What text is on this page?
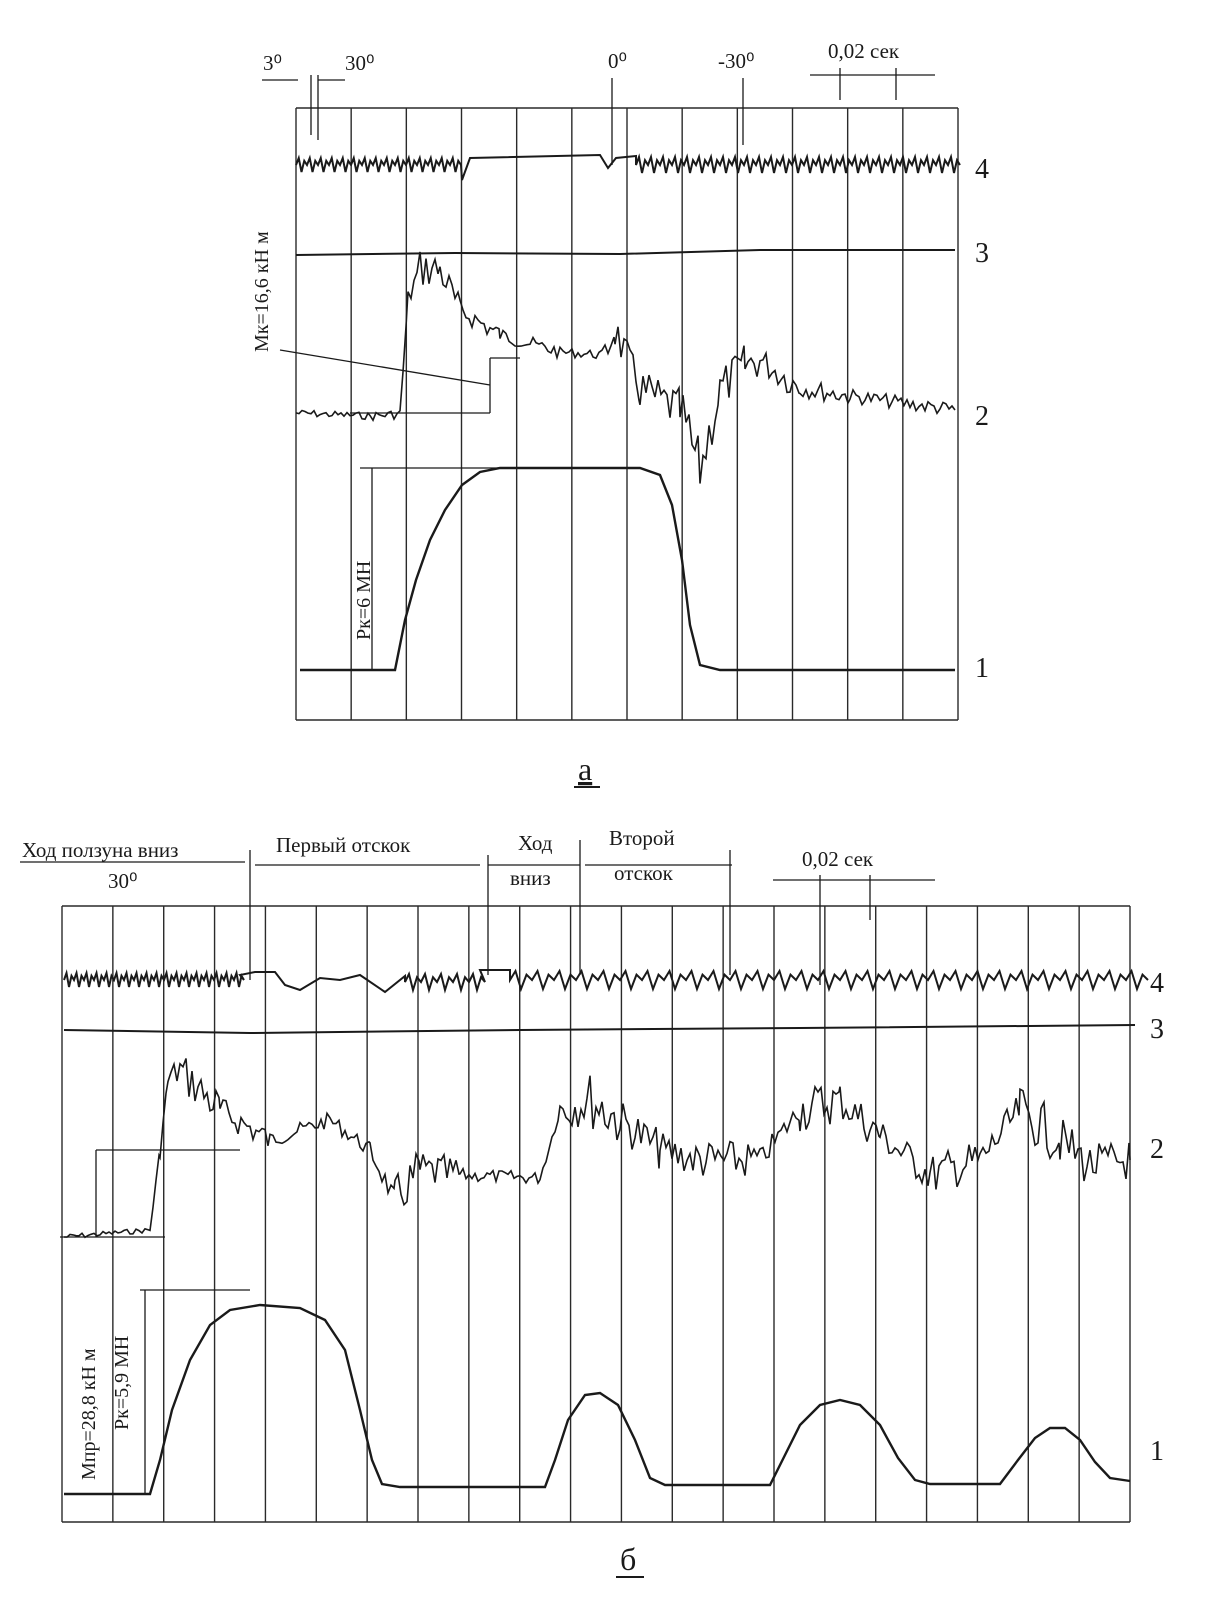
3⁰	30⁰	0⁰	-30⁰	0,02 сек
Мк=16,6 кН м
Рк=6 МН
4
3
2
1
а
Ход ползуна вниз	Первый отскок	Ход
вниз
Второй
отскок
30⁰
0,02 сек
Мпр=28,8 кН м Рк=5,9 МН
4
3
2
1
б
